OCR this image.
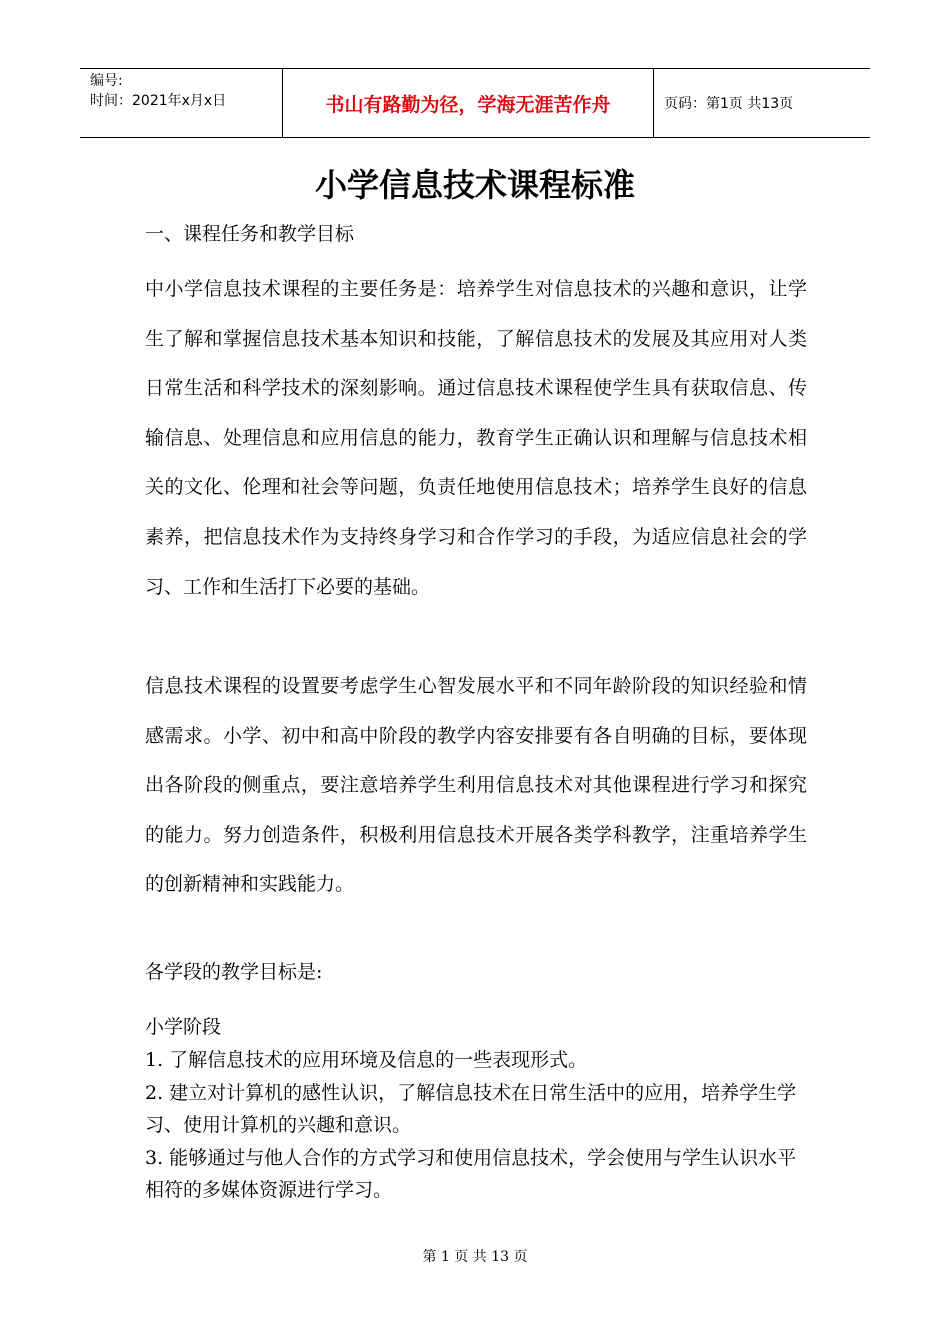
编号:
时间：2021年x月x日	书山有路勤为径，学海无涯苦作舟	页码：第1页 共13页
小学信息技术课程标准
一、课程任务和教学目标
中小学信息技术课程的主要任务是：培养学生对信息技术的兴趣和意识，让学生了解和掌握信息技术基本知识和技能，了解信息技术的发展及其应用对人类日常生活和科学技术的深刻影响。通过信息技术课程使学生具有获取信息、传输信息、处理信息和应用信息的能力，教育学生正确认识和理解与信息技术相关的文化、伦理和社会等问题，负责任地使用信息技术；培养学生良好的信息素养，把信息技术作为支持终身学习和合作学习的手段，为适应信息社会的学习、工作和生活打下必要的基础。
信息技术课程的设置要考虑学生心智发展水平和不同年龄阶段的知识经验和情感需求。小学、初中和高中阶段的教学内容安排要有各自明确的目标，要体现出各阶段的侧重点，要注意培养学生利用信息技术对其他课程进行学习和探究的能力。努力创造条件，积极利用信息技术开展各类学科教学，注重培养学生的创新精神和实践能力。
各学段的教学目标是:
小学阶段
1. 了解信息技术的应用环境及信息的一些表现形式。
2. 建立对计算机的感性认识，了解信息技术在日常生活中的应用，培养学生学习、使用计算机的兴趣和意识。
3. 能够通过与他人合作的方式学习和使用信息技术，学会使用与学生认识水平相符的多媒体资源进行学习。
第 1 页 共 13 页
